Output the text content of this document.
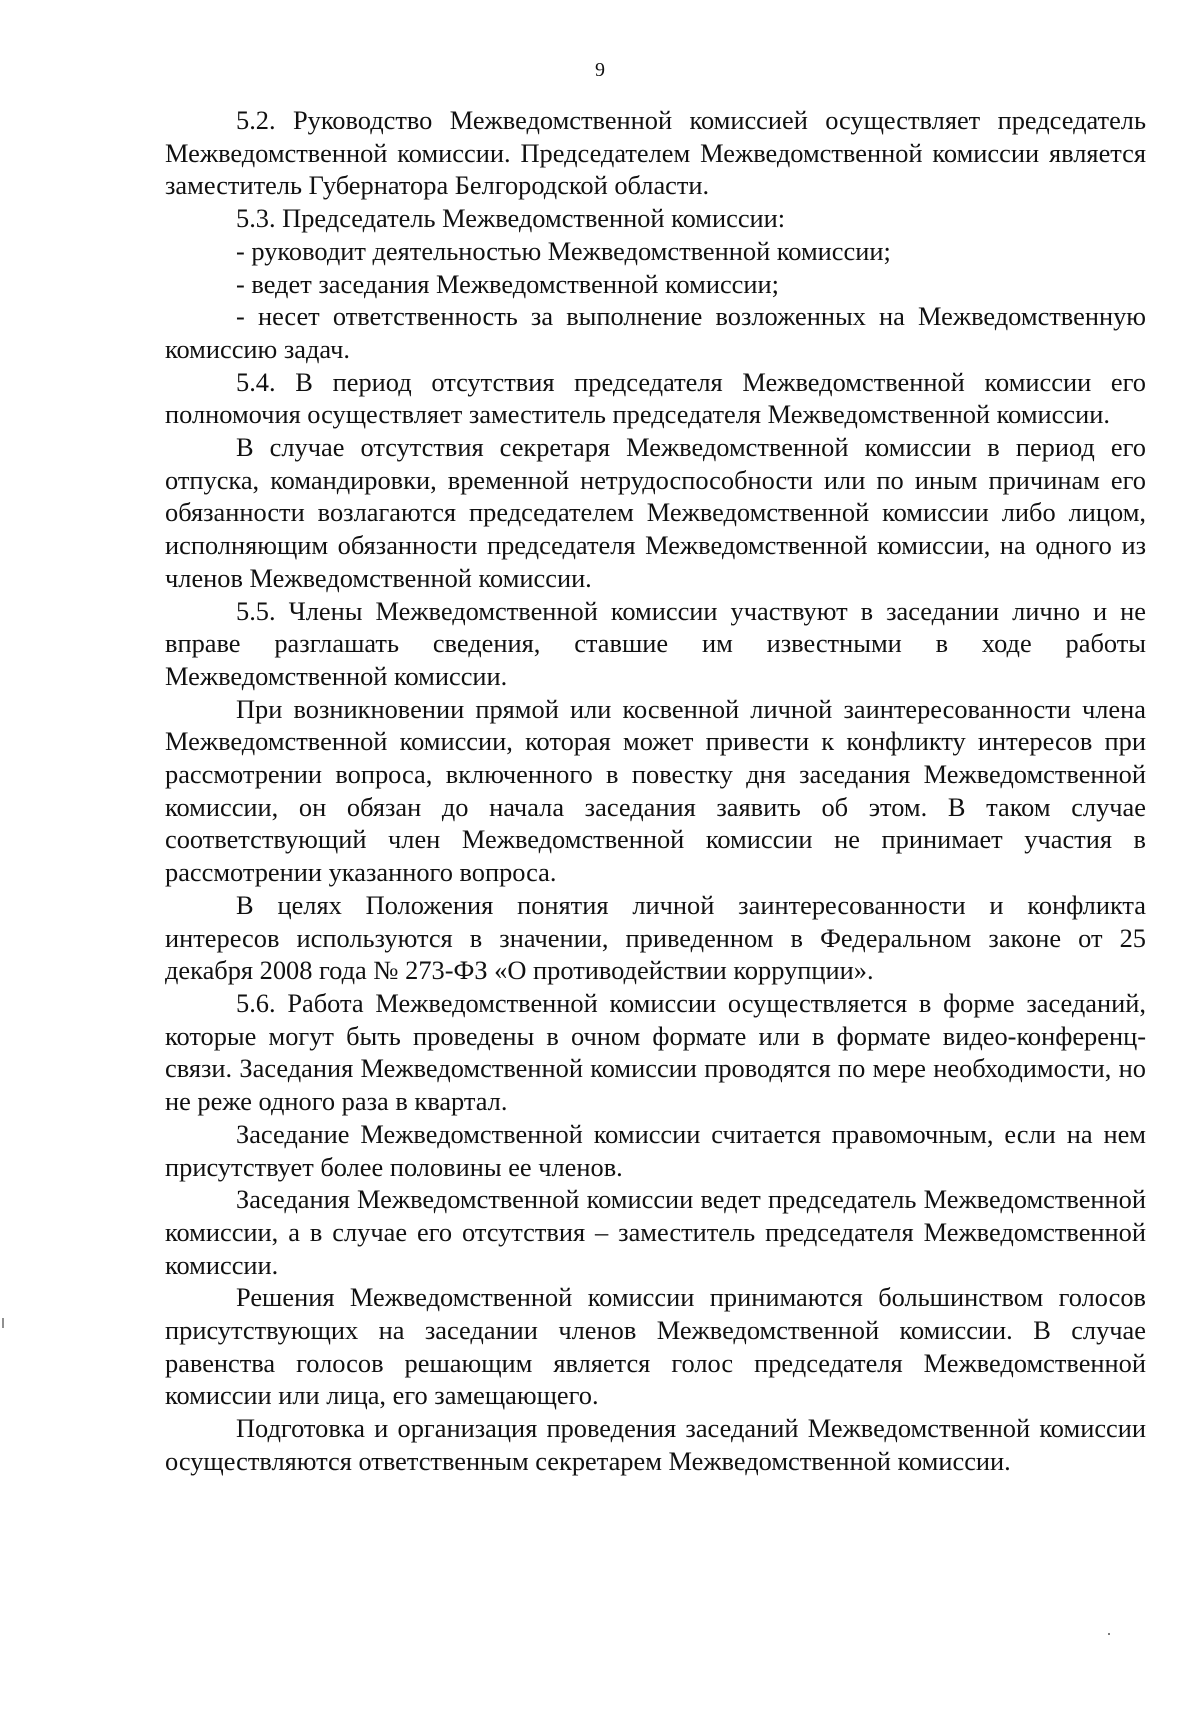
9

5.2. Руководство Межведомственной комиссией осуществляет председатель Межведомственной комиссии. Председателем Межведомственной комиссии является заместитель Губернатора Белгородской области.

5.3. Председатель Межведомственной комиссии:

- руководит деятельностью Межведомственной комиссии;

- ведет заседания Межведомственной комиссии;

- несет ответственность за выполнение возложенных на Межведомственную комиссию задач.

5.4. В период отсутствия председателя Межведомственной комиссии его полномочия осуществляет заместитель председателя Межведомственной комиссии.

В случае отсутствия секретаря Межведомственной комиссии в период его отпуска, командировки, временной нетрудоспособности или по иным причинам его обязанности возлагаются председателем Межведомственной комиссии либо лицом, исполняющим обязанности председателя Межведомственной комиссии, на одного из членов Межведомственной комиссии.

5.5. Члены Межведомственной комиссии участвуют в заседании лично и не вправе разглашать сведения, ставшие им известными в ходе работы Межведомственной комиссии.

При возникновении прямой или косвенной личной заинтересованности члена Межведомственной комиссии, которая может привести к конфликту интересов при рассмотрении вопроса, включенного в повестку дня заседания Межведомственной комиссии, он обязан до начала заседания заявить об этом. В таком случае соответствующий член Межведомственной комиссии не принимает участия в рассмотрении указанного вопроса.

В целях Положения понятия личной заинтересованности и конфликта интересов используются в значении, приведенном в Федеральном законе от 25 декабря 2008 года № 273-ФЗ «О противодействии коррупции».

5.6. Работа Межведомственной комиссии осуществляется в форме заседаний, которые могут быть проведены в очном формате или в формате видео-конференц-связи. Заседания Межведомственной комиссии проводятся по мере необходимости, но не реже одного раза в квартал.

Заседание Межведомственной комиссии считается правомочным, если на нем присутствует более половины ее членов.

Заседания Межведомственной комиссии ведет председатель Межведомственной комиссии, а в случае его отсутствия – заместитель председателя Межведомственной комиссии.

Решения Межведомственной комиссии принимаются большинством голосов присутствующих на заседании членов Межведомственной комиссии. В случае равенства голосов решающим является голос председателя Межведомственной комиссии или лица, его замещающего.

Подготовка и организация проведения заседаний Межведомственной комиссии осуществляются ответственным секретарем Межведомственной комиссии.
